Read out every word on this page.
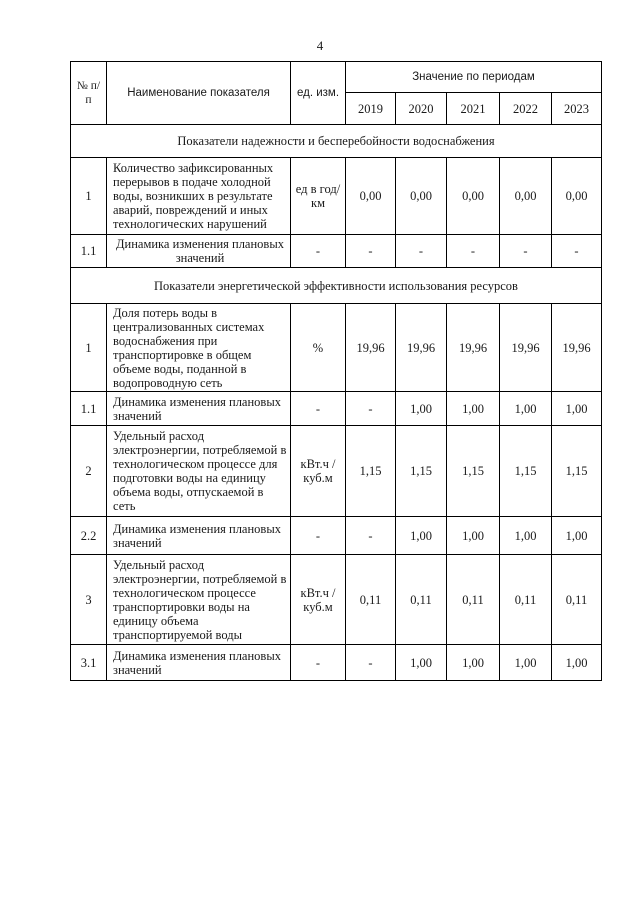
4
№ п/п	Наименование показателя	ед. изм.	Значение по периодам				
			2019	2020	2021	2022	2023
Показатели надежности и бесперебойности водоснабжения							
1	Количество зафиксированных перерывов в подаче холодной воды, возникших в результате аварий, повреждений и иных технологических нарушений	ед в год/ км	0,00	0,00	0,00	0,00	0,00
1.1	Динамика изменения плановых значений	-	-	-	-	-	-
Показатели энергетической эффективности использования ресурсов							
1	Доля потерь воды в централизованных системах водоснабжения при транспортировке в общем объеме воды, поданной в водопроводную сеть	%	19,96	19,96	19,96	19,96	19,96
1.1	Динамика изменения плановых значений	-	-	1,00	1,00	1,00	1,00
2	Удельный расход электроэнергии, потребляемой в технологическом процессе для подготовки воды на единицу объема воды, отпускаемой в сеть	кВт.ч / куб.м	1,15	1,15	1,15	1,15	1,15
2.2	Динамика изменения плановых значений	-	-	1,00	1,00	1,00	1,00
3	Удельный расход электроэнергии, потребляемой в технологическом процессе транспортировки воды на единицу объема транспортируемой воды	кВт.ч / куб.м	0,11	0,11	0,11	0,11	0,11
3.1	Динамика изменения плановых значений	-	-	1,00	1,00	1,00	1,00
